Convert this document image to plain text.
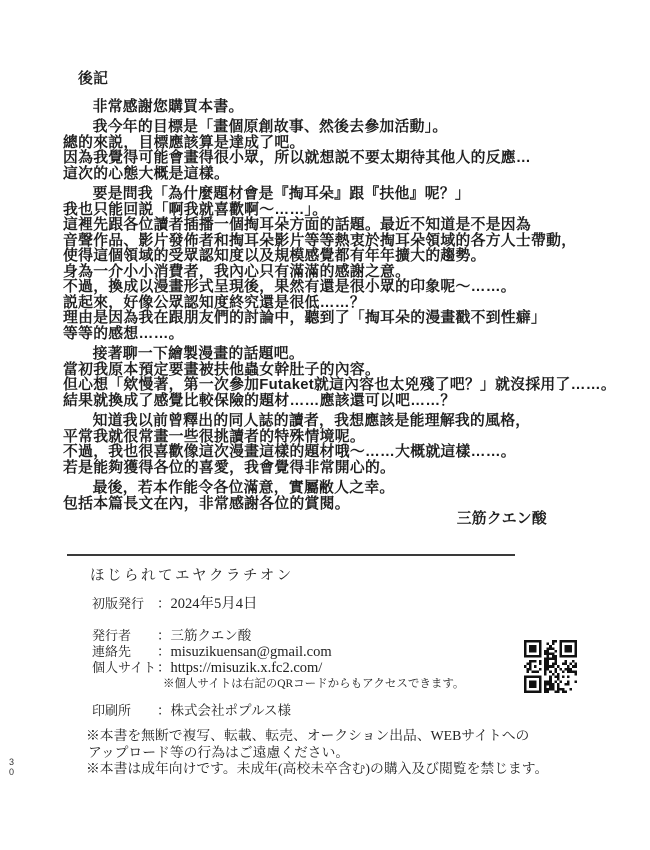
後記
非常感謝您購買本書。
我今年的目標是「畫個原創故事、然後去參加活動」。
總的來説，目標應該算是達成了吧。
因為我覺得可能會畫得很小眾，所以就想説不要太期待其他人的反應…
這次的心態大概是這樣。
要是問我「為什麼題材會是『掏耳朵』跟『扶他』呢？」
我也只能回説「啊我就喜歡啊～……」。
這裡先跟各位讀者插播一個掏耳朵方面的話題。最近不知道是不是因為
音聲作品、影片發佈者和掏耳朵影片等等熱衷於掏耳朵領域的各方人士帶動，
使得這個領域的受眾認知度以及規模感覺都有年年擴大的趨勢。
身為一介小小消費者，我內心只有滿滿的感謝之意。
不過，換成以漫畫形式呈現後，果然有還是很小眾的印象呢～……。
説起來，好像公眾認知度終究還是很低……？
理由是因為我在跟朋友們的討論中，聽到了「掏耳朵的漫畫戳不到性癖」
等等的感想……。
接著聊一下繪製漫畫的話題吧。
當初我原本預定要畫被扶他蟲女幹肚子的內容。
但心想「欸慢著，第一次參加Futaket就這內容也太兇殘了吧？」就沒採用了……。
結果就換成了感覺比較保險的題材……應該還可以吧……？
知道我以前曾釋出的同人誌的讀者，我想應該是能理解我的風格，
平常我就很常畫一些很挑讀者的特殊情境呢。
不過，我也很喜歡像這次漫畫這樣的題材哦～……大概就這樣……。
若是能夠獲得各位的喜愛，我會覺得非常開心的。
最後，若本作能令各位滿意，實屬敝人之幸。
包括本篇長文在內，非常感謝各位的賞閱。
三筋クエン酸
ほじられてエヤクラチオン
初版発行 ：2024年5月4日
発行者 ：三筋クエン酸
連絡先 ：misuzikuensan@gmail.com
個人サイト：https://misuzik.x.fc2.com/
※個人サイトは右記のQRコードからもアクセスできます。
印刷所 ：株式会社ポプルス様
※本書を無断で複写、転載、転売、オークション出品、WEBサイトへの
アップロード等の行為はご遠慮ください。
※本書は成年向けです。未成年(高校未卒含む)の購入及び閲覧を禁じます。
30
